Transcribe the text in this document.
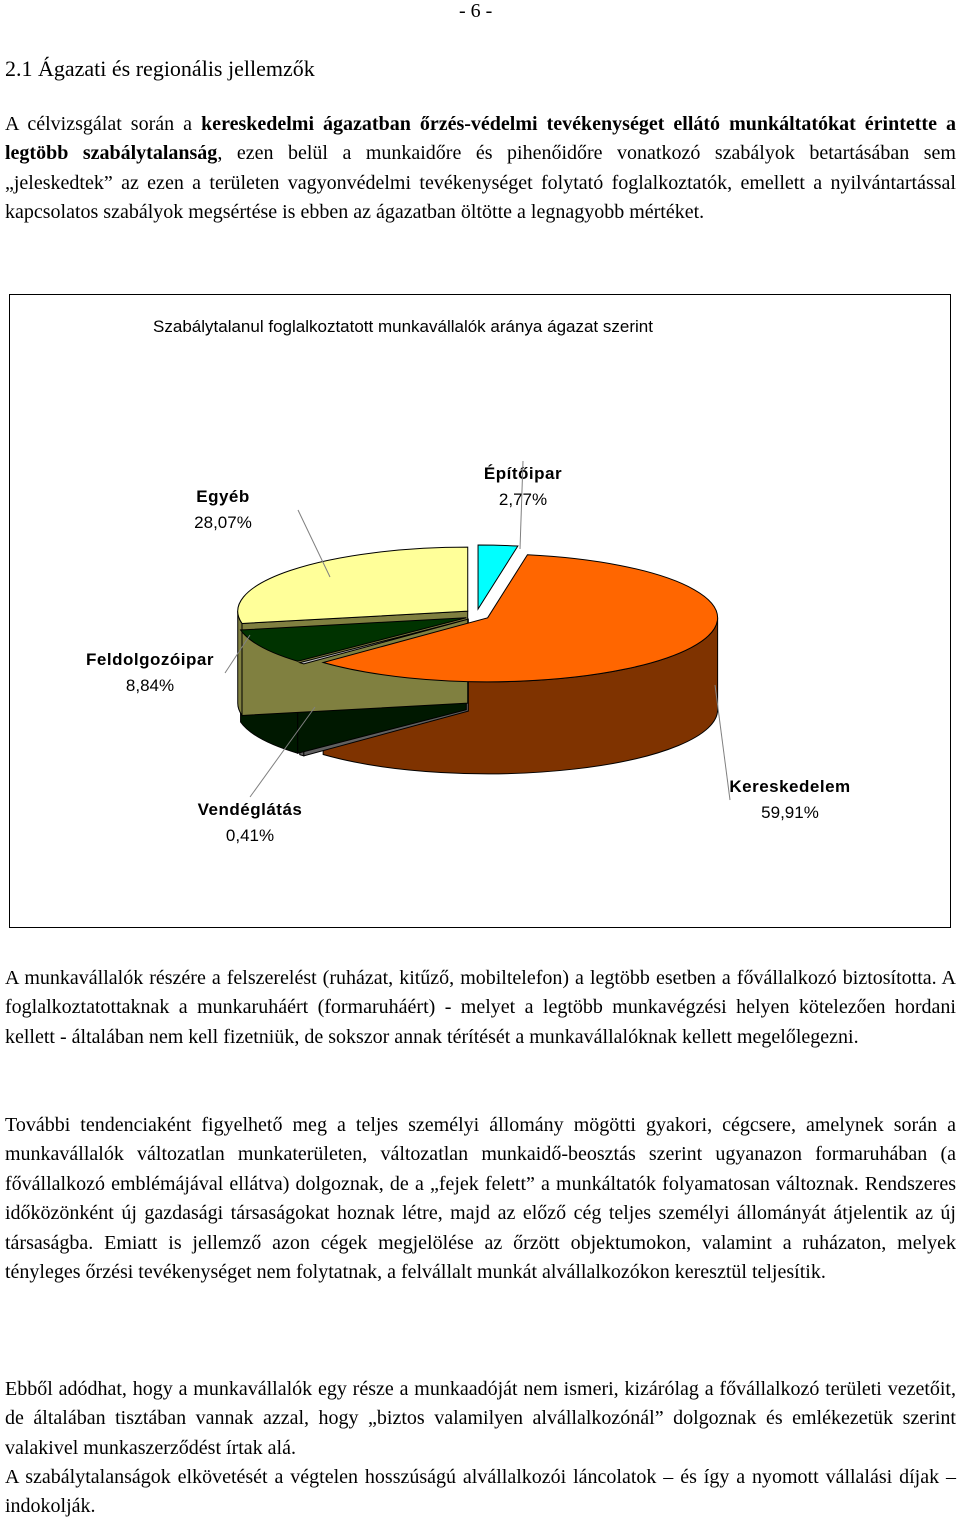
- 6 -
2.1 Ágazati és regionális jellemzők

A célvizsgálat során a kereskedelmi ágazatban őrzés-védelmi tevékenységet ellátó munkáltatókat érintette a legtöbb szabálytalanság, ezen belül a munkaidőre és pihenőidőre vonatkozó szabályok betartásában sem „jeleskedtek” az ezen a területen vagyonvédelmi tevékenységet folytató foglalkoztatók, emellett a nyilvántartással kapcsolatos szabályok megsértése is ebben az ágazatban öltötte a legnagyobb mértéket.

Szabálytalanul foglalkoztatott munkavállalók aránya ágazat szerint
Építőipar
2,77%
Kereskedelem
59,91%
Vendéglátás
0,41%
Feldolgozóipar
8,84%
Egyéb
28,07%

A munkavállalók részére a felszerelést (ruházat, kitűző, mobiltelefon) a legtöbb esetben a fővállalkozó biztosította. A foglalkoztatottaknak a munkaruháért (formaruháért) - melyet a legtöbb munkavégzési helyen kötelezően hordani kellett - általában nem kell fizetniük, de sokszor annak térítését a munkavállalóknak kellett megelőlegezni.

További tendenciaként figyelhető meg a teljes személyi állomány mögötti gyakori, cégcsere, amelynek során a munkavállalók változatlan munkaterületen, változatlan munkaidő-beosztás szerint ugyanazon formaruhában (a fővállalkozó emblémájával ellátva) dolgoznak, de a „fejek felett” a munkáltatók folyamatosan változnak. Rendszeres időközönként új gazdasági társaságokat hoznak létre, majd az előző cég teljes személyi állományát átjelentik az új társaságba. Emiatt is jellemző azon cégek megjelölése az őrzött objektumokon, valamint a ruházaton, melyek tényleges őrzési tevékenységet nem folytatnak, a felvállalt munkát alvállalkozókon keresztül teljesítik.

Ebből adódhat, hogy a munkavállalók egy része a munkaadóját nem ismeri, kizárólag a fővállalkozó területi vezetőit, de általában tisztában vannak azzal, hogy „biztos valamilyen alvállalkozónál” dolgoznak és emlékezetük szerint valakivel munkaszerződést írtak alá.

A szabálytalanságok elkövetését a végtelen hosszúságú alvállalkozói láncolatok – és így a nyomott vállalási díjak – indokolják.
